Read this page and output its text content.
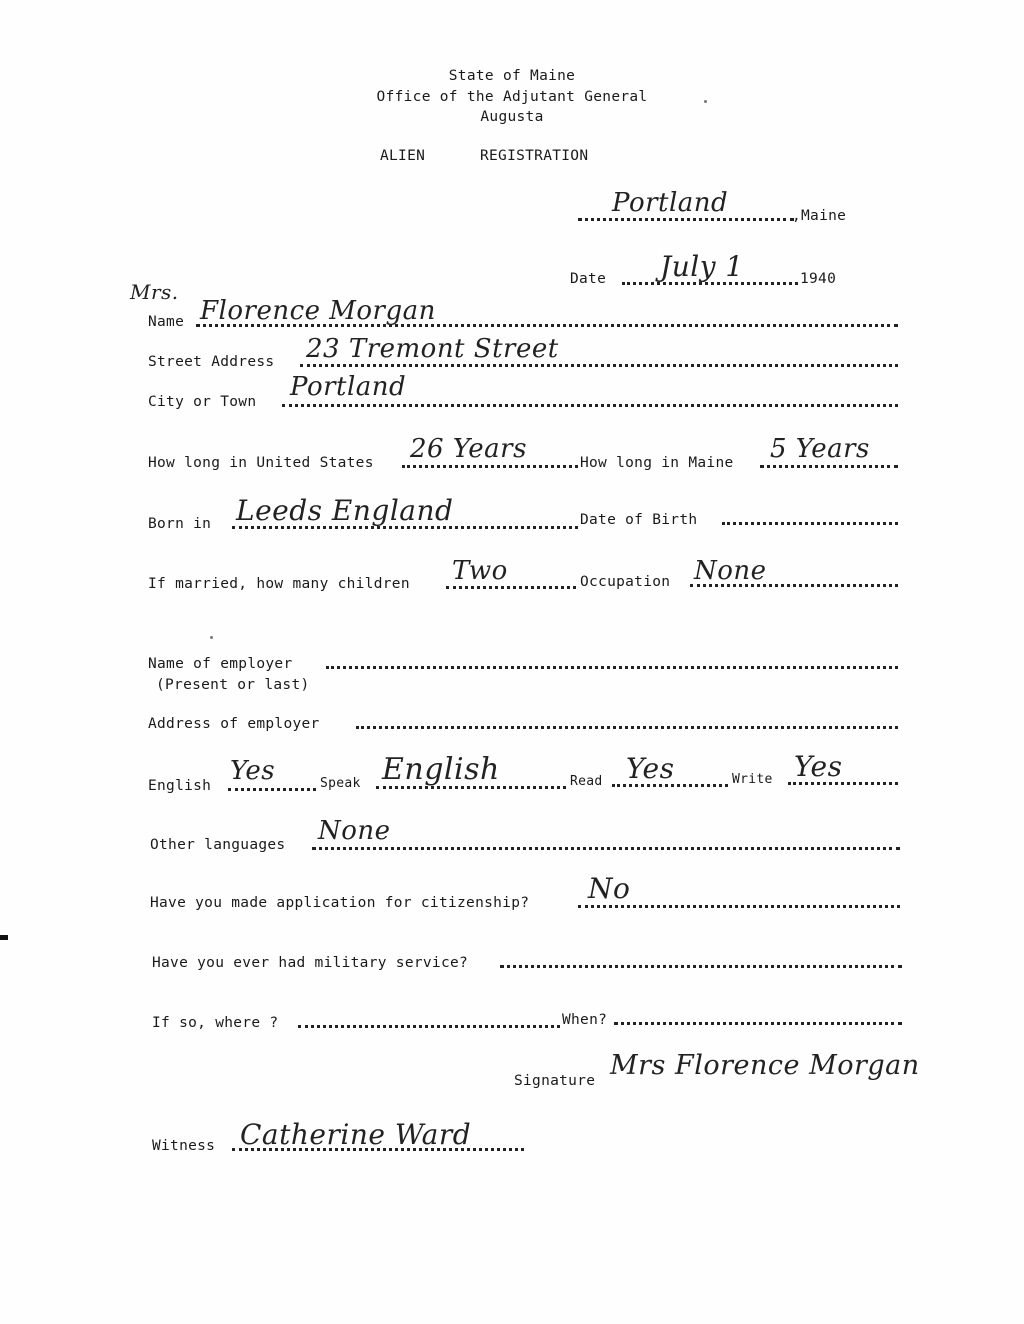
State of Maine
Office of the Adjutant General
Augusta
ALIEN	REGISTRATION
Portland	,Maine
Date July 1	1940
Mrs.
Name Florence Morgan
Street Address 23 Tremont Street
City or Town Portland
How long in United States 26 Years	How long in Maine 5 Years
Born in Leeds England	Date of Birth
If married, how many children Two	Occupation None
Name of employer
(Present or last)
Address of employer
English Yes	Speak English	Read Yes	Write Yes
Other languages None
Have you made application for citizenship? No
Have you ever had military service?
If so, where ?	When?
Signature Mrs Florence Morgan
Witness Catherine Ward
